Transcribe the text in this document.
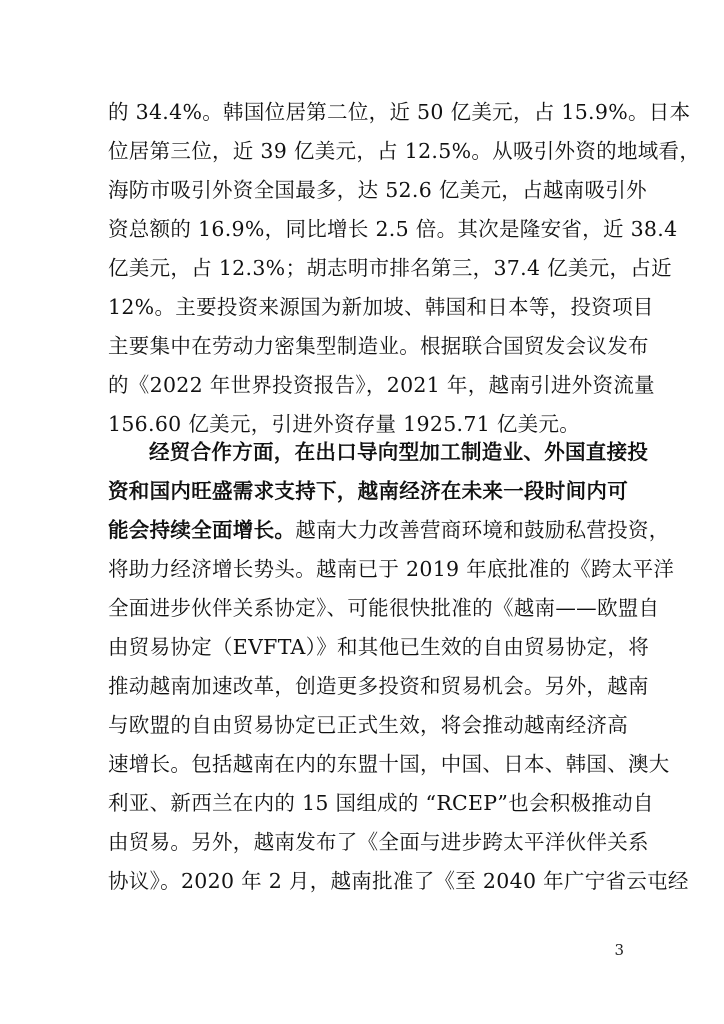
的 34.4%。韩国位居第二位，近 50 亿美元，占 15.9%。日本
位居第三位，近 39 亿美元，占 12.5%。从吸引外资的地域看，
海防市吸引外资全国最多，达 52.6 亿美元，占越南吸引外
资总额的 16.9%，同比增长 2.5 倍。其次是隆安省，近 38.4
亿美元，占 12.3%；胡志明市排名第三，37.4 亿美元，占近
12%。主要投资来源国为新加坡、韩国和日本等，投资项目
主要集中在劳动力密集型制造业。根据联合国贸发会议发布
的《2022 年世界投资报告》，2021 年，越南引进外资流量
156.60 亿美元，引进外资存量 1925.71 亿美元。
经贸合作方面，在出口导向型加工制造业、外国直接投
资和国内旺盛需求支持下，越南经济在未来一段时间内可
能会持续全面增长。越南大力改善营商环境和鼓励私营投资，
将助力经济增长势头。越南已于 2019 年底批准的《跨太平洋
全面进步伙伴关系协定》、可能很快批准的《越南——欧盟自
由贸易协定（EVFTA）》和其他已生效的自由贸易协定，将
推动越南加速改革，创造更多投资和贸易机会。另外，越南
与欧盟的自由贸易协定已正式生效，将会推动越南经济高
速增长。包括越南在内的东盟十国，中国、日本、韩国、澳大
利亚、新西兰在内的 15 国组成的 “RCEP”也会积极推动自
由贸易。另外，越南发布了《全面与进步跨太平洋伙伴关系
协议》。2020 年 2 月，越南批准了《至 2040 年广宁省云屯经
3
